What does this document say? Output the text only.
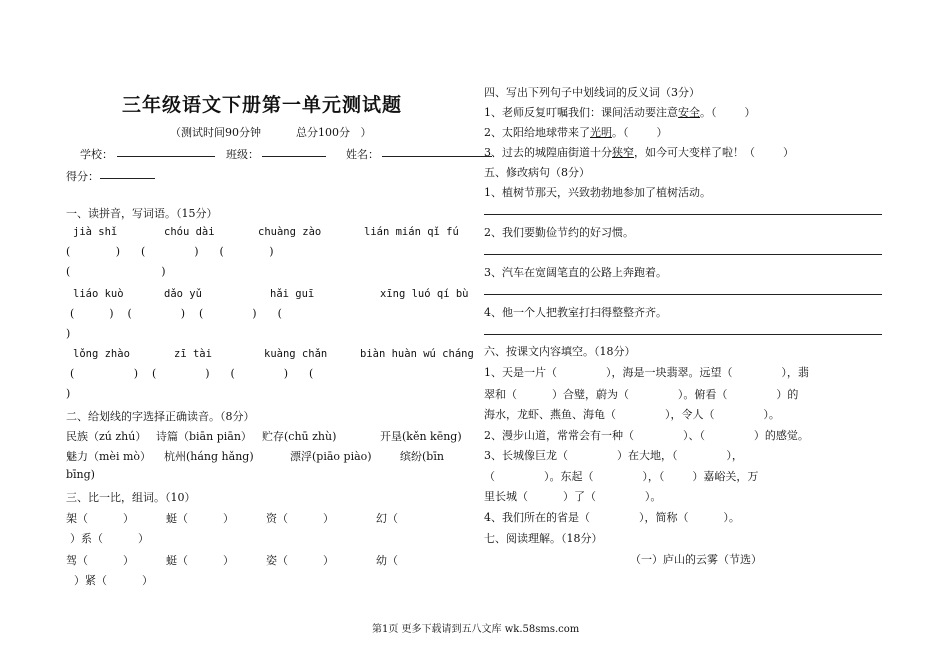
三年级语文下册第一单元测试题
（测试时间90分钟          总分100分   ）
学校：	班级：	姓名：
得分：
一、读拼音，写词语。（15分）
jià shǐ	chóu dài	chuàng zào	lián mián qǐ fú
(             )      (              )      (             )
(                          )
liáo kuò	dǎo yǔ	hǎi guī	xīng luó qí bù
(          )    (              )    (              )      (
)
lǒng zhào	zī tài	kuàng chǎn	biàn huàn wú cháng
(                 )    (              )      (              )      (
)
二、给划线的字选择正确读音。（8分）
民族（zú zhú） 诗篇（biān piān） 贮存(chū zhù)	开垦(kěn kēng)
魅力（mèi mò） 杭州(háng hǎng)	漂浮(piāo piào)	缤纷(bīn
bīng)
三、比一比，组词。（10）
架（          ）	蜓（          ）	资（          ）	幻（
）系（          ）
驾（          ）	蜓（          ）	姿（          ）	幼（
）紧（          ）
四、写出下列句子中划线词的反义词（3分）
1、老师反复叮嘱我们：课间活动要注意安全。（        ）
2、太阳给地球带来了光明。（        ）
3、过去的城隍庙街道十分狭窄，如今可大变样了啦！（        ）
五、修改病句（8分）
1、植树节那天，兴致勃勃地参加了植树活动。
2、我们要勤俭节约的好习惯。
3、汽车在宽阔笔直的公路上奔跑着。
4、他一个人把教室打扫得整整齐齐。
六、按课文内容填空。（18分）
1、天是一片（              ），海是一块翡翠。远望（              ），翡
翠和（          ）合璧，蔚为（              ）。俯看（              ）的
海水，龙虾、燕鱼、海龟（              ），令人（              ）。
2、漫步山道，常常会有一种（              ）、（              ）的感觉。
3、长城像巨龙（              ）在大地，（              ），
（              ）。东起（              ），（        ）嘉峪关，万
里长城（          ）了（              ）。
4、我们所在的省是（              ），简称（          ）。
七、阅读理解。（18分）
（一）庐山的云雾（节选）
第1页 更多下载请到五八文库 wk.58sms.com
